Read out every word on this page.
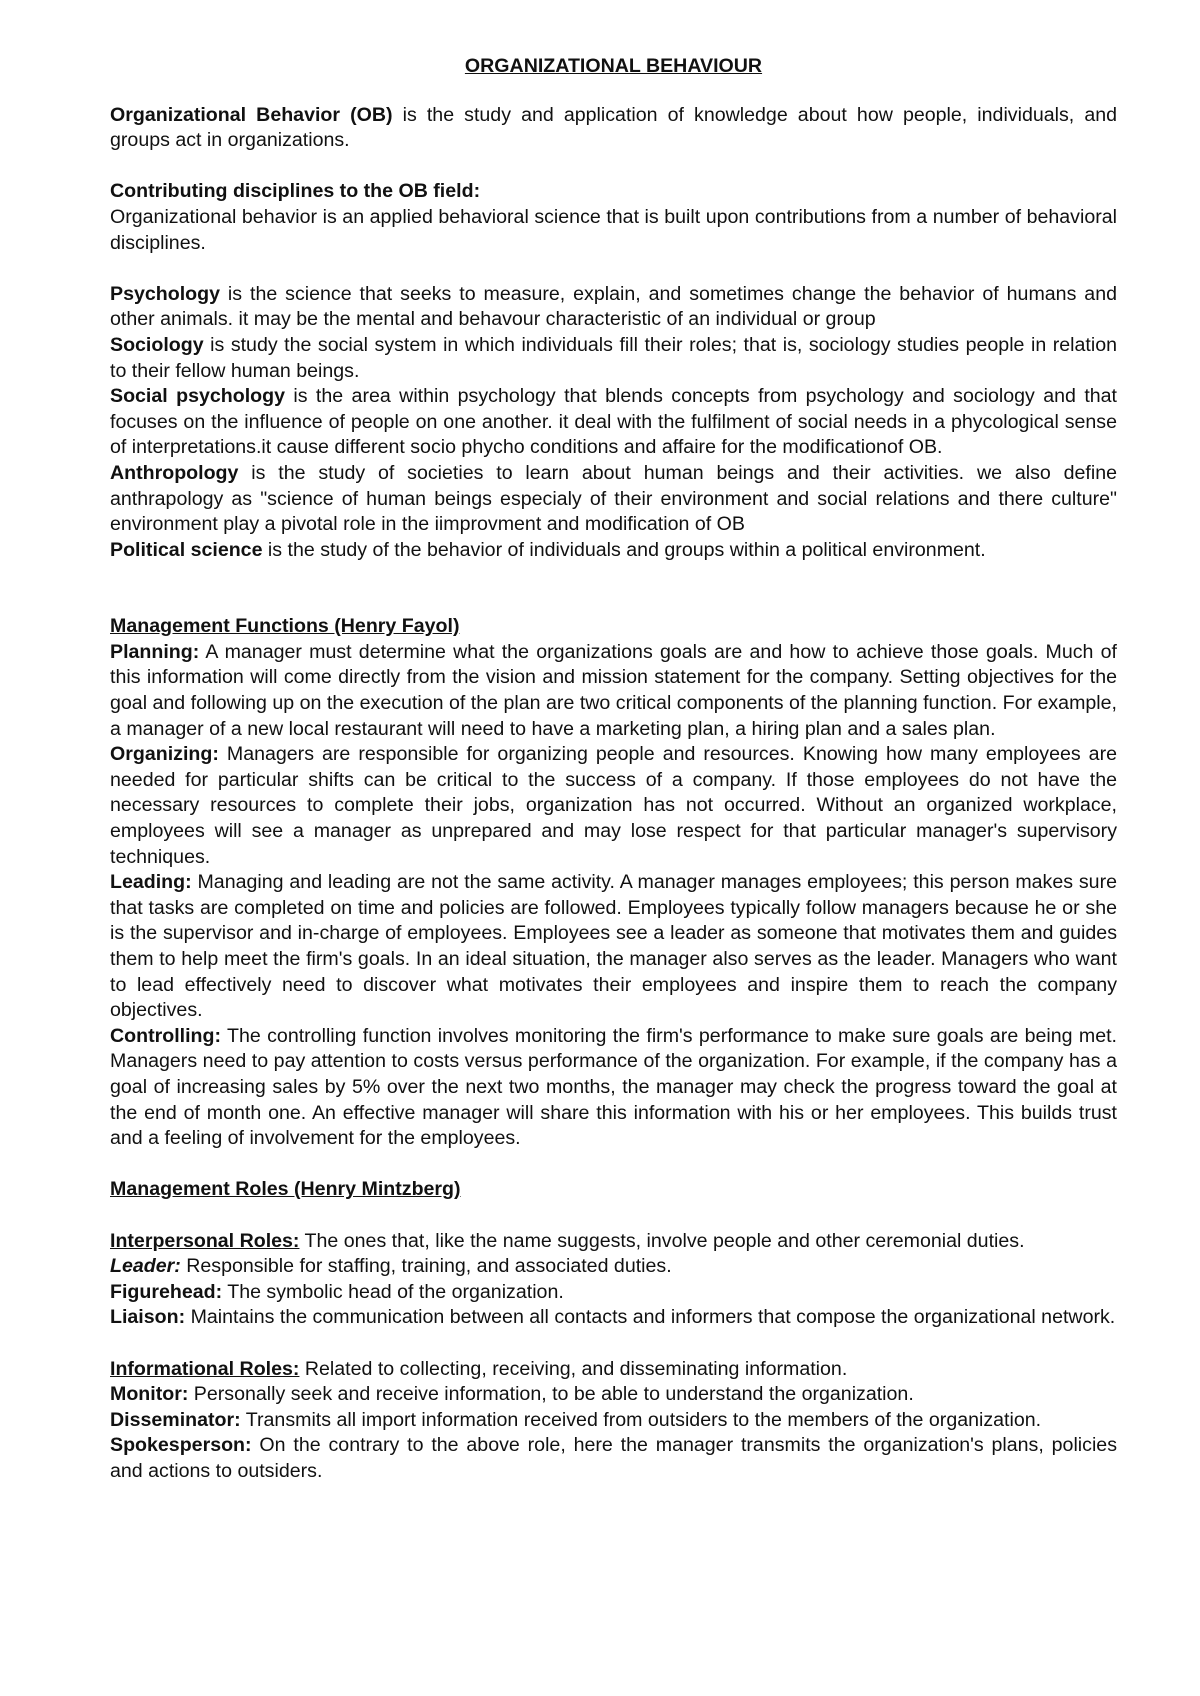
ORGANIZATIONAL BEHAVIOUR

Organizational Behavior (OB) is the study and application of knowledge about how people, individuals, and groups act in organizations.

Contributing disciplines to the OB field:

Organizational behavior is an applied behavioral science that is built upon contributions from a number of behavioral disciplines.

Psychology is the science that seeks to measure, explain, and sometimes change the behavior of humans and other animals. it may be the mental and behavour characteristic of an individual or group

Sociology is study the social system in which individuals fill their roles; that is, sociology studies people in relation to their fellow human beings.

Social psychology is the area within psychology that blends concepts from psychology and sociology and that focuses on the influence of people on one another. it deal with the fulfilment of social needs in a phycological sense of interpretations.it cause different socio phycho conditions and affaire for the modificationof OB.

Anthropology is the study of societies to learn about human beings and their activities. we also define anthrapology as "science of human beings especialy of their environment and social relations and there culture" environment play a pivotal role in the iimprovment and modification of OB

Political science is the study of the behavior of individuals and groups within a political environment.

Management Functions (Henry Fayol)

Planning: A manager must determine what the organizations goals are and how to achieve those goals. Much of this information will come directly from the vision and mission statement for the company. Setting objectives for the goal and following up on the execution of the plan are two critical components of the planning function. For example, a manager of a new local restaurant will need to have a marketing plan, a hiring plan and a sales plan.

Organizing: Managers are responsible for organizing people and resources. Knowing how many employees are needed for particular shifts can be critical to the success of a company. If those employees do not have the necessary resources to complete their jobs, organization has not occurred. Without an organized workplace, employees will see a manager as unprepared and may lose respect for that particular manager's supervisory techniques.

Leading: Managing and leading are not the same activity. A manager manages employees; this person makes sure that tasks are completed on time and policies are followed. Employees typically follow managers because he or she is the supervisor and in-charge of employees. Employees see a leader as someone that motivates them and guides them to help meet the firm's goals. In an ideal situation, the manager also serves as the leader. Managers who want to lead effectively need to discover what motivates their employees and inspire them to reach the company objectives.

Controlling: The controlling function involves monitoring the firm's performance to make sure goals are being met. Managers need to pay attention to costs versus performance of the organization. For example, if the company has a goal of increasing sales by 5% over the next two months, the manager may check the progress toward the goal at the end of month one. An effective manager will share this information with his or her employees. This builds trust and a feeling of involvement for the employees.

Management Roles (Henry Mintzberg)

Interpersonal Roles: The ones that, like the name suggests, involve people and other ceremonial duties.

Leader: Responsible for staffing, training, and associated duties.

Figurehead: The symbolic head of the organization.

Liaison: Maintains the communication between all contacts and informers that compose the organizational network.

Informational Roles: Related to collecting, receiving, and disseminating information.

Monitor: Personally seek and receive information, to be able to understand the organization.

Disseminator: Transmits all import information received from outsiders to the members of the organization.

Spokesperson: On the contrary to the above role, here the manager transmits the organization's plans, policies and actions to outsiders.
